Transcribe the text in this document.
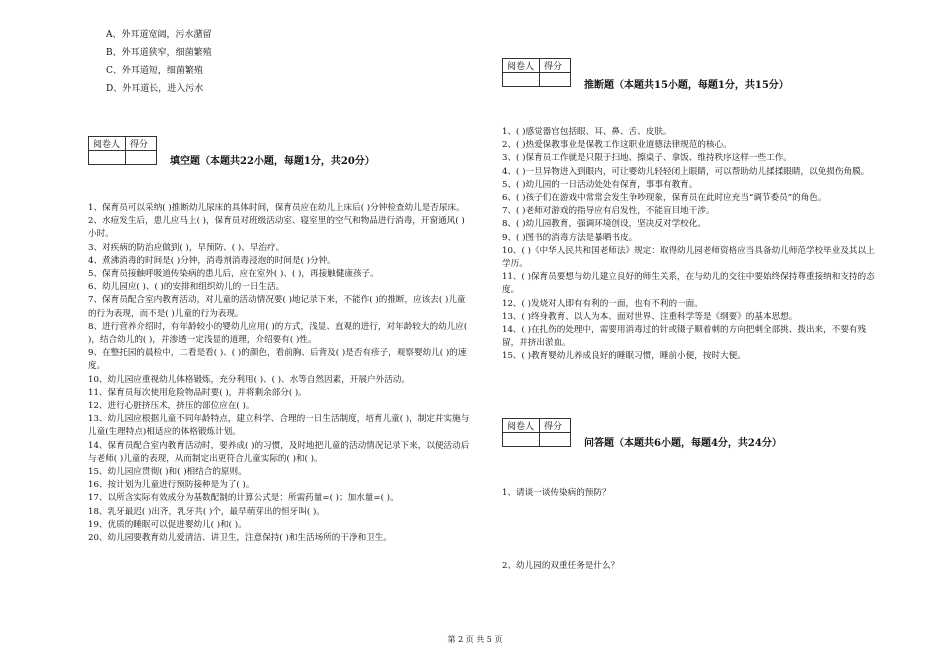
A、外耳道宽阔，污水潴留
B、外耳道狭窄，细菌繁殖
C、外耳道短，细菌繁殖
D、外耳道长，进入污水
阅卷人	得分

填空题（本题共22小题，每题1分，共20分）
1、保育员可以采纳( )推断幼儿尿床的具体时间，保育员应在幼儿上床后( )分钟检查幼儿是否尿床。
2、水痘发生后，患儿应马上( )，保育员对班级活动室、寝室里的空气和物品进行消毒，开窗通风( )小时。
3、对疾病的防治应做到( )，早预防、( )、早治疗。
4、煮沸消毒的时间是( )分钟，消毒剂消毒浸泡的时间是( )分钟。
5、保育员接触呼吸道传染病的患儿后，应在室外( )、( )，再接触健康孩子。
6、幼儿园应( )、( )的安排和组织幼儿的一日生活。
7、保育员配合室内教育活动，对儿童的活动情况要( )地记录下来，不能作( )的推断，应该去( )儿童的行为表现，而不是( )儿童的行为表现。
8、进行营养介绍时，有年龄较小的婴幼儿应用( )的方式，浅显、直观的进行，对年龄较大的幼儿应( )，结合幼儿的( )，并渗透一定浅显的道理，介绍要有( )性。
9、在整托园的晨检中，二看是看( )、( )的颜色，看前胸、后背及( )是否有疹子，观察婴幼儿( )的速度。
10、幼儿园应重视幼儿体格锻炼，充分利用( )、( )、水等自然因素，开展户外活动。
11、保育员每次使用危险物品时要( )，并将剩余部分( )。
12、进行心脏挤压术，挤压的部位应在( )。
13、幼儿园应根据儿童不同年龄特点，建立科学、合理的一日生活制度，培育儿童( )，制定并实施与儿童(生理特点)相适应的体格锻炼计划。
14、保育员配合室内教育活动时，要养成( )的习惯，及时地把儿童的活动情况记录下来，以便活动后与老师( )儿童的表现，从而制定出更符合儿童实际的( )和( )。
15、幼儿园应贯彻( )和( )相结合的原则。
16、按计划为儿童进行预防接种是为了( )。
17、以所含实际有效成分为基数配制的计算公式是：所需药量=( )；加水量=( )。
18、乳牙最迟( )出齐，乳牙共( )个，最早萌芽出的恒牙叫( )。
19、优质的睡眠可以促进婴幼儿( )和( )。
20、幼儿园要教育幼儿爱清洁、讲卫生，注意保持( )和生活场所的干净和卫生。
阅卷人	得分

推断题（本题共15小题，每题1分，共15分）
1、( )感觉器官包括眼、耳、鼻、舌、皮肤。
2、( )热爱保教事业是保教工作这职业道德法律规范的核心。
3、( )保育员工作就是只限于扫地、擦桌子、拿饭、维持秩序这样一些工作。
4、( )一旦异物进入到眼内，可让婴幼儿轻轻闭上眼睛，可以帮助幼儿揉揉眼睛，以免损伤角膜。
5、( )幼儿园的一日活动处处有保育，事事有教育。
6、( )孩子们在游戏中常常会发生争吵现象，保育员在此时应充当“调节委员”的角色。
7、( )老师对游戏的指导应有启发性，不能盲目地干涉。
8、( )幼儿园教育，强调环境创设，坚决反对学校化。
9、( )图书的消毒方法是暴晒书皮。
10、( )《中华人民共和国老师法》规定：取得幼儿园老师资格应当具备幼儿师范学校毕业及其以上学历。
11、( )保育员要想与幼儿建立良好的师生关系，在与幼儿的交往中要始终保持尊重接纳和支持的态度。
12、( )发烧对人即有有利的一面，也有不利的一面。
13、( )终身教育、以人为本、面对世界、注重科学等是《纲要》的基本思想。
14、( )在扎伤的处理中，需要用消毒过的针或镊子顺着刺的方向把刺全部挑、拨出来，不要有残留，并挤出淤血。
15、( )教育婴幼儿养成良好的睡眠习惯，睡前小便，按时大便。
阅卷人	得分

问答题（本题共6小题，每题4分，共24分）
1、请谈一谈传染病的预防？
2、幼儿园的双重任务是什么？
第 2 页 共 5 页
